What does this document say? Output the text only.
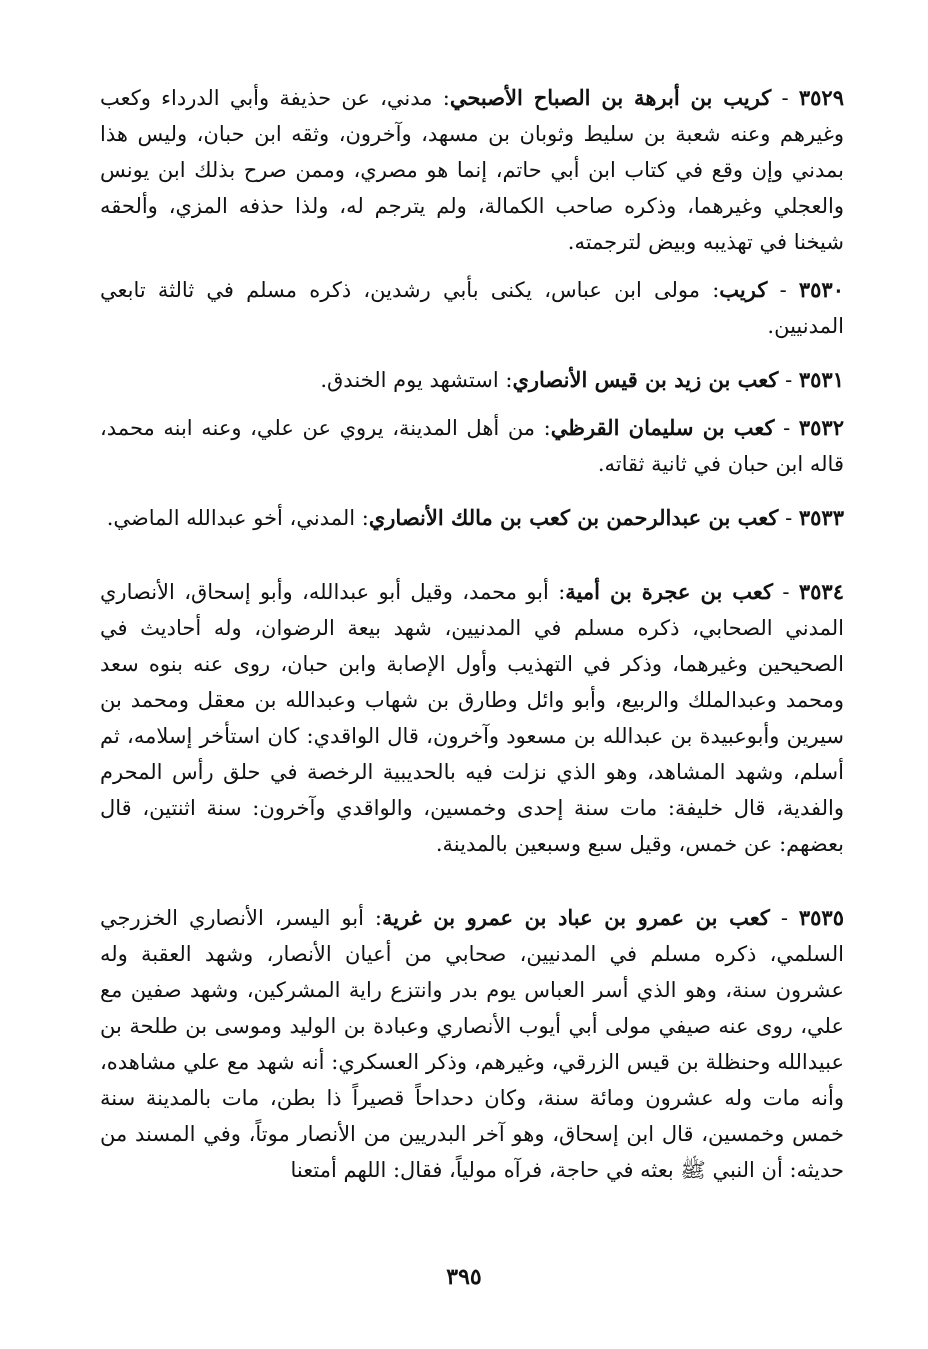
٣٥٢٩ - كريب بن أبرهة بن الصباح الأصبحي: مدني، عن حذيفة وأبي الدرداء وكعب وغيرهم وعنه شعبة بن سليط وثوبان بن مسهد، وآخرون، وثقه ابن حبان، وليس هذا بمدني وإن وقع في كتاب ابن أبي حاتم، إنما هو مصري، وممن صرح بذلك ابن يونس والعجلي وغيرهما، وذكره صاحب الكمالة، ولم يترجم له، ولذا حذفه المزي، وألحقه شيخنا في تهذيبه وبيض لترجمته.

٣٥٣٠ - كريب: مولى ابن عباس، يكنى بأبي رشدين، ذكره مسلم في ثالثة تابعي المدنيين.

٣٥٣١ - كعب بن زيد بن قيس الأنصاري: استشهد يوم الخندق.

٣٥٣٢ - كعب بن سليمان القرظي: من أهل المدينة، يروي عن علي، وعنه ابنه محمد، قاله ابن حبان في ثانية ثقاته.

٣٥٣٣ - كعب بن عبدالرحمن بن كعب بن مالك الأنصاري: المدني، أخو عبدالله الماضي.

٣٥٣٤ - كعب بن عجرة بن أمية: أبو محمد، وقيل أبو عبدالله، وأبو إسحاق، الأنصاري المدني الصحابي، ذكره مسلم في المدنيين، شهد بيعة الرضوان، وله أحاديث في الصحيحين وغيرهما، وذكر في التهذيب وأول الإصابة وابن حبان، روى عنه بنوه سعد ومحمد وعبدالملك والربيع، وأبو وائل وطارق بن شهاب وعبدالله بن معقل ومحمد بن سيرين وأبوعبيدة بن عبدالله بن مسعود وآخرون، قال الواقدي: كان استأخر إسلامه، ثم أسلم، وشهد المشاهد، وهو الذي نزلت فيه بالحديبية الرخصة في حلق رأس المحرم والفدية، قال خليفة: مات سنة إحدى وخمسين، والواقدي وآخرون: سنة اثنتين، قال بعضهم: عن خمس، وقيل سبع وسبعين بالمدينة.

٣٥٣٥ - كعب بن عمرو بن عباد بن عمرو بن غرية: أبو اليسر، الأنصاري الخزرجي السلمي، ذكره مسلم في المدنيين، صحابي من أعيان الأنصار، وشهد العقبة وله عشرون سنة، وهو الذي أسر العباس يوم بدر وانتزع راية المشركين، وشهد صفين مع علي، روى عنه صيفي مولى أبي أيوب الأنصاري وعبادة بن الوليد وموسى بن طلحة بن عبيدالله وحنظلة بن قيس الزرقي، وغيرهم، وذكر العسكري: أنه شهد مع علي مشاهده، وأنه مات وله عشرون ومائة سنة، وكان دحداحاً قصيراً ذا بطن، مات بالمدينة سنة خمس وخمسين، قال ابن إسحاق، وهو آخر البدريين من الأنصار موتاً، وفي المسند من حديثه: أن النبي ﷺ بعثه في حاجة، فرآه مولياً، فقال: اللهم أمتعنا

٣٩٥
